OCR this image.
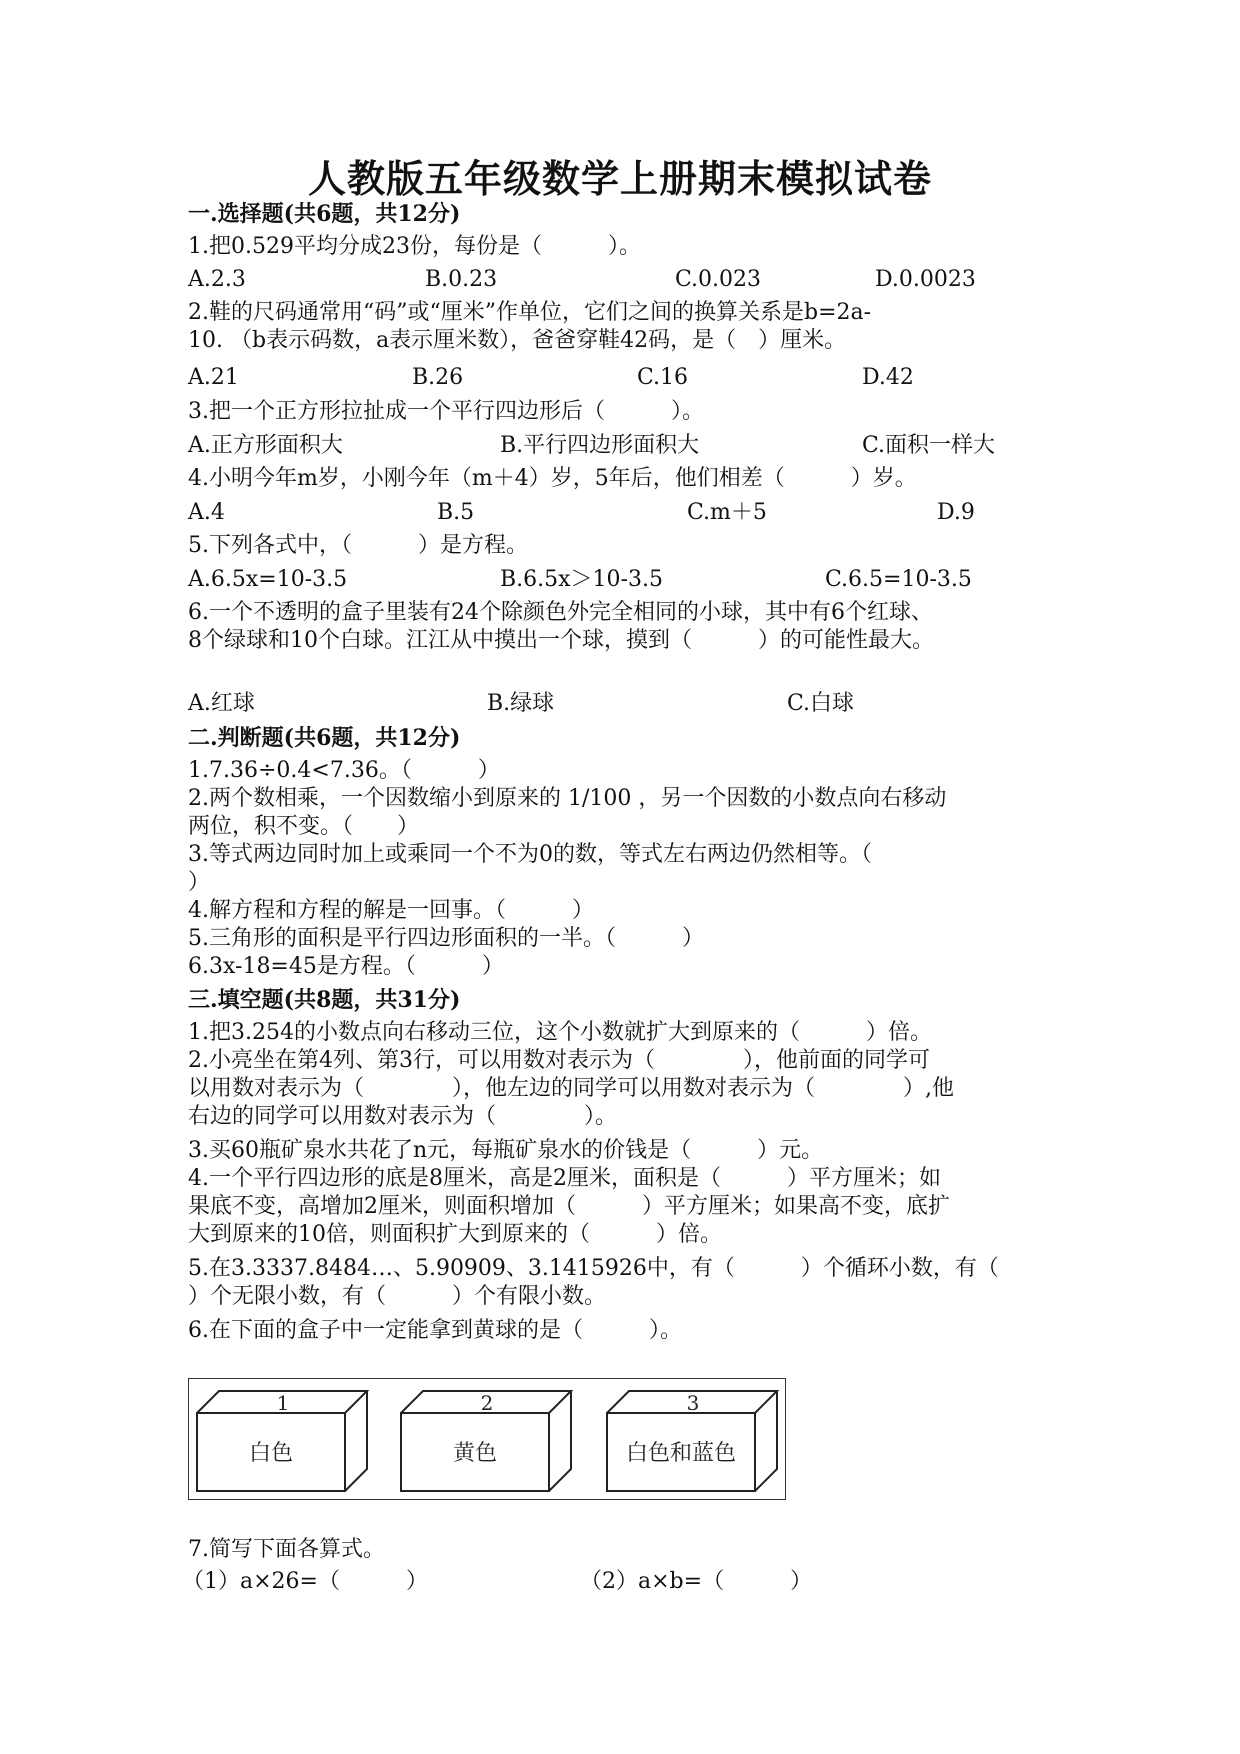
人教版五年级数学上册期末模拟试卷
一.选择题(共6题，共12分)
1.把0.529平均分成23份，每份是（　　　）。
A.2.3	B.0.23	C.0.023	D.0.0023
2.鞋的尺码通常用“码”或“厘米”作单位，它们之间的换算关系是b=2a-
10. （b表示码数，a表示厘米数），爸爸穿鞋42码，是（　）厘米。
A.21	B.26	C.16	D.42
3.把一个正方形拉扯成一个平行四边形后（　　　）。
A.正方形面积大	B.平行四边形面积大	C.面积一样大
4.小明今年m岁，小刚今年（m＋4）岁，5年后，他们相差（　　　）岁。
A.4	B.5	C.m＋5	D.9
5.下列各式中，（　　　）是方程。
A.6.5x=10-3.5	B.6.5x＞10-3.5	C.6.5=10-3.5
6.一个不透明的盒子里装有24个除颜色外完全相同的小球，其中有6个红球、
8个绿球和10个白球。江江从中摸出一个球，摸到（　　　）的可能性最大。
A.红球	B.绿球	C.白球
二.判断题(共6题，共12分)
1.7.36÷0.4<7.36。（　　　）
2.两个数相乘，一个因数缩小到原来的 1/100 ，另一个因数的小数点向右移动
两位，积不变。（　　）
3.等式两边同时加上或乘同一个不为0的数，等式左右两边仍然相等。（
）
4.解方程和方程的解是一回事。（　　　）
5.三角形的面积是平行四边形面积的一半。（　　　）
6.3x-18=45是方程。（　　　）
三.填空题(共8题，共31分)
1.把3.254的小数点向右移动三位，这个小数就扩大到原来的（　　　）倍。
2.小亮坐在第4列、第3行，可以用数对表示为（　　　　），他前面的同学可
以用数对表示为（　　　　），他左边的同学可以用数对表示为（　　　　）,他
右边的同学可以用数对表示为（　　　　）。
3.买60瓶矿泉水共花了n元，每瓶矿泉水的价钱是（　　　）元。
4.一个平行四边形的底是8厘米，高是2厘米，面积是（　　　）平方厘米；如
果底不变，高增加2厘米，则面积增加（　　　）平方厘米；如果高不变，底扩
大到原来的10倍，则面积扩大到原来的（　　　）倍。
5.在3.3337.8484…、5.90909、3.1415926中，有（　　　）个循环小数，有（
）个无限小数，有（　　　）个有限小数。
6.在下面的盒子中一定能拿到黄球的是（　　　）。
1
白色
2
黄色
3
白色和蓝色
7.简写下面各算式。
（1）a×26=（　　　）	（2）a×b=（　　　）
